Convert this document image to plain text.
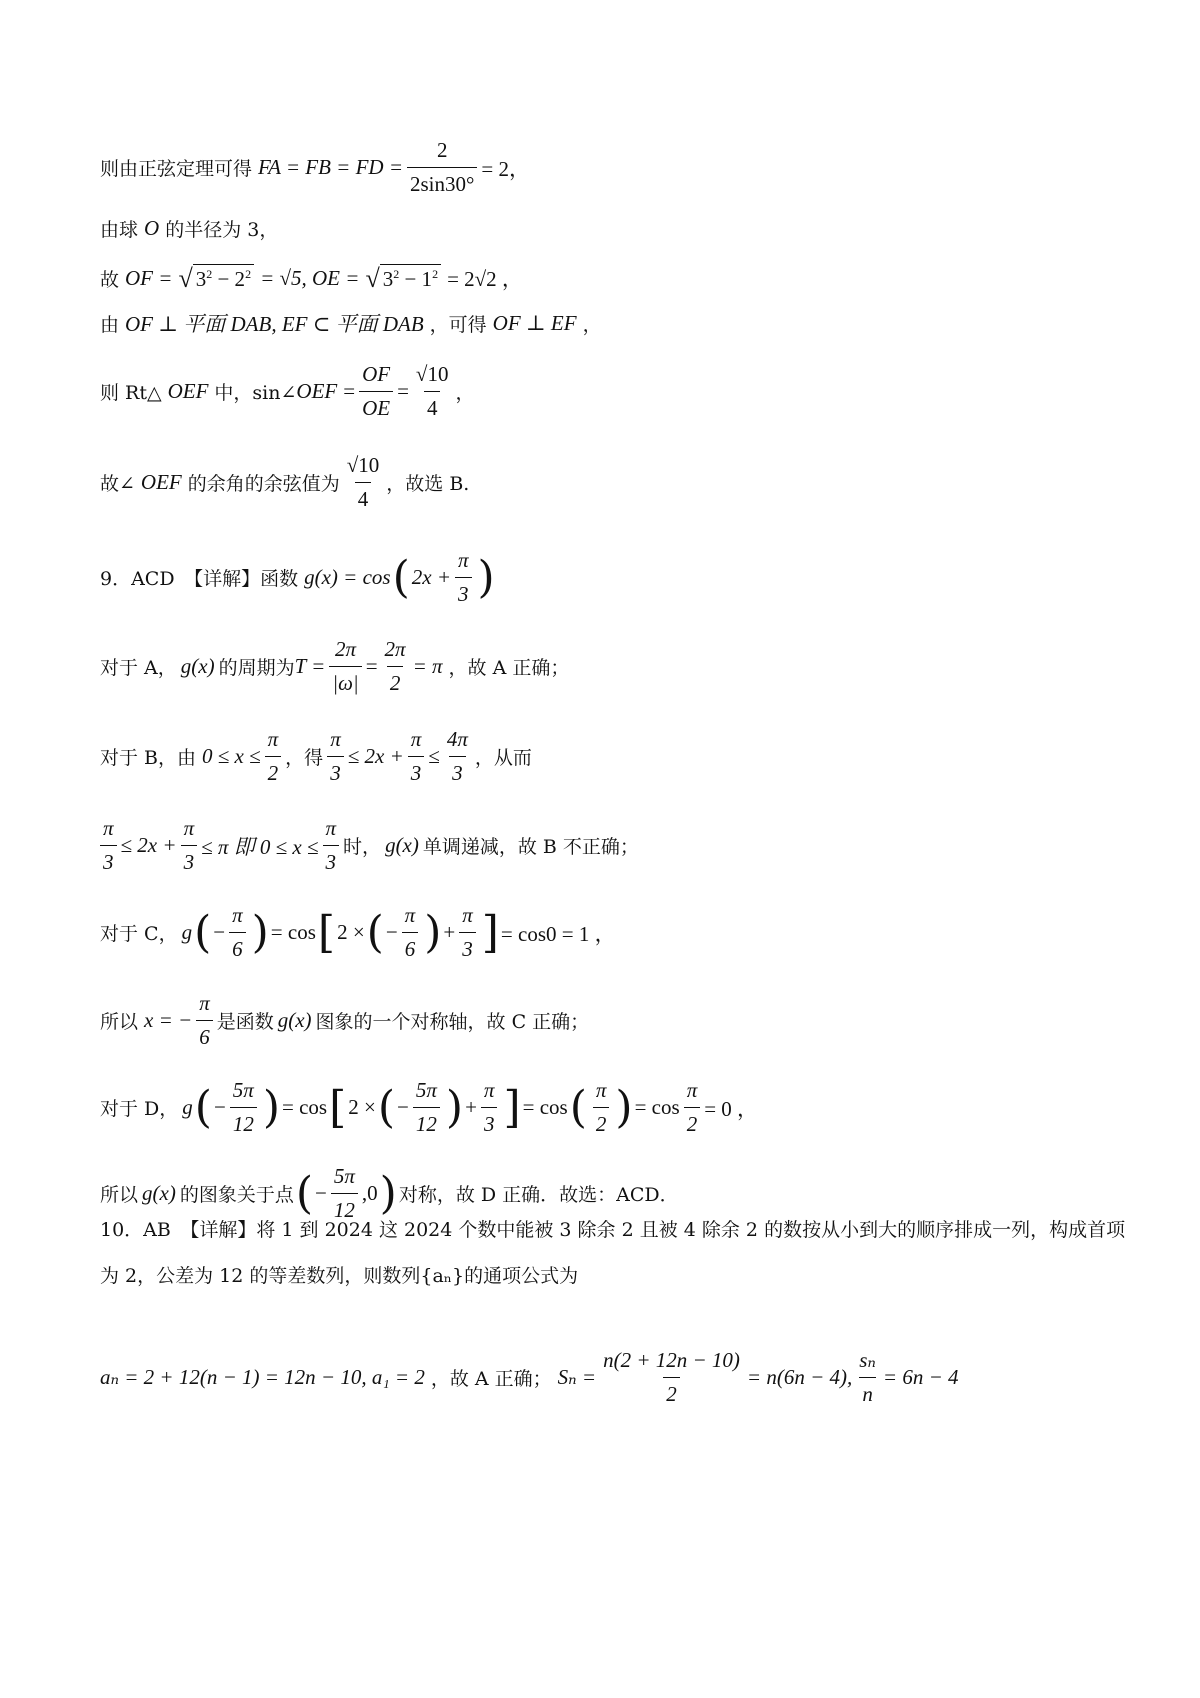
则由正弦定理可得 FA = FB = FD = $\frac{2}{2\sin 30^\circ} = 2$，
由球 O 的半径为 3，
故 OF = √ $3^2 - 2^2 = √5$, OE = √ $3^2 - 1^2 = 2√2$ ，
由 OF ⊥ 平面 DAB, EF ⊂ 平面 DAB ，可得 OF ⊥ EF ，
则 Rt△ OEF 中，sin∠ OEF = $\frac{OF}{OE} = \frac{√10}{4}$ ，
故∠ OEF 的余角的余弦值为 $\frac{√10}{4}$ ，故选 B.
9．ACD　【详解】函数 g(x) = cos ( $2x + \frac{\pi}{3}$ )
对于 A， g(x) 的周期为 $T = \frac{2\pi}{|\omega|} = \frac{2\pi}{2} = \pi$ ，故 A 正确；
对于 B，由 $0 \le x \le \frac{\pi}{2}$ ，得 $\frac{\pi}{3} \le 2x + \frac{\pi}{3} \le \frac{4\pi}{3}$ ，从而
$\frac{\pi}{3} \le 2x + \frac{\pi}{3} \le \pi$ 即 $0 \le x \le \frac{\pi}{3}$ 时， g(x) 单调递减，故 B 不正确；
对于 C， g ( − $\frac{\pi}{6}$ ) = cos [ 2 × ( − $\frac{\pi}{6}$ ) + $\frac{\pi}{3}$ ] = cos0 = 1 ，
所以 x = − $\frac{\pi}{6}$ 是函数 g(x) 图象的一个对称轴，故 C 正确；
对于 D， g ( − $\frac{5\pi}{12}$ ) = cos [ 2 × ( − $\frac{5\pi}{12}$ ) + $\frac{\pi}{3}$ ] = cos ( $\frac{\pi}{2}$ ) = $\cos \frac{\pi}{2} = 0$ ，
所以 g(x) 的图象关于点 ( − $\frac{5\pi}{12} ,0$ ) 对称，故 D 正确．故选：ACD．
10．AB　【详解】将 1 到 2024 这 2024 个数中能被 3 除余 2 且被 4 除余 2 的数按从小到大的顺序排成一列，构成首项为 2，公差为 12 的等差数列，则数列{aₙ}的通项公式为
aₙ = 2 + 12(n − 1) = 12n − 10, a₁ = 2 ，故 A 正确； $S_n = \frac{n(2 + 12n - 10)}{2} = n(6n - 4)$, $\frac{\text{sₙ}}{n} = 6n - 4$
